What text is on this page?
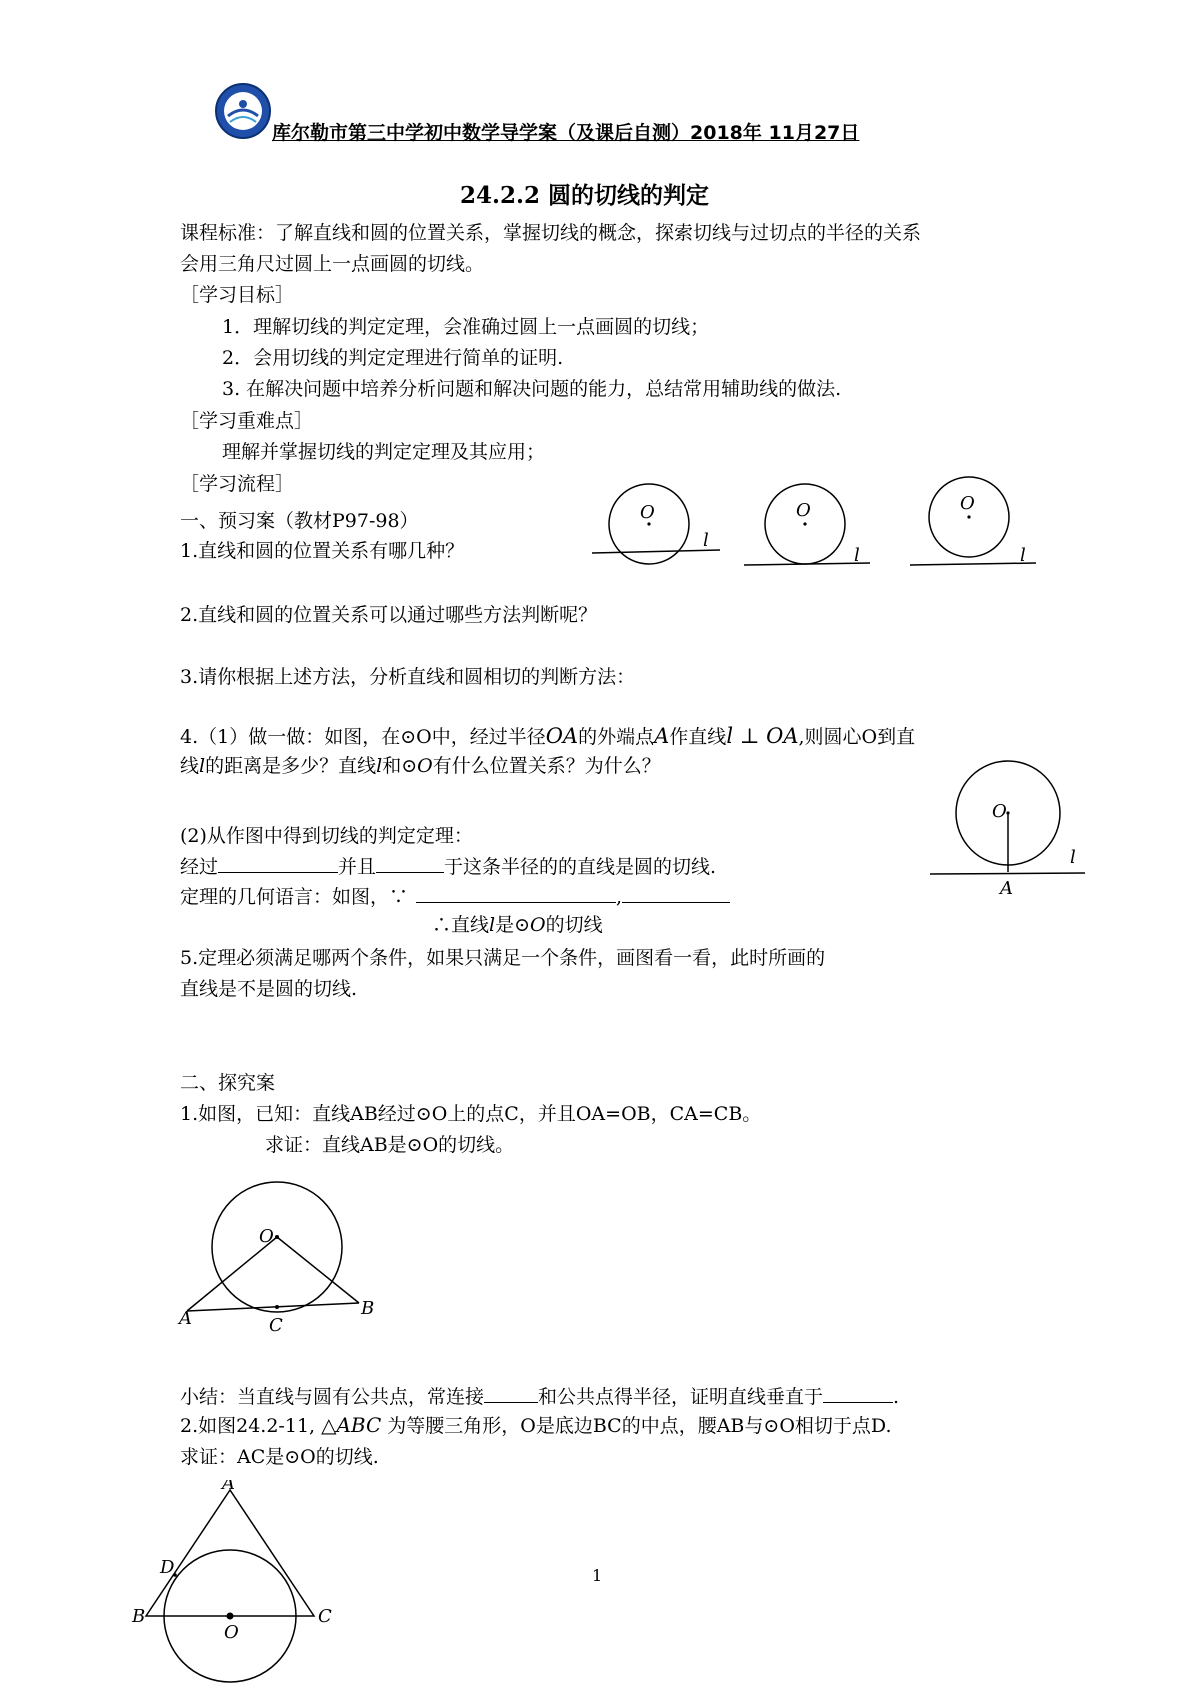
库尔勒市第三中学初中数学导学案（及课后自测）2018年 11月27日
24.2.2 圆的切线的判定
课程标准：了解直线和圆的位置关系，掌握切线的概念，探索切线与过切点的半径的关系
会用三角尺过圆上一点画圆的切线。
［学习目标］
1．理解切线的判定定理，会准确过圆上一点画圆的切线；
2．会用切线的判定定理进行简单的证明.
3. 在解决问题中培养分析问题和解决问题的能力，总结常用辅助线的做法.
［学习重难点］
理解并掌握切线的判定定理及其应用；
［学习流程］
一、预习案（教材P97-98）
1.直线和圆的位置关系有哪几种？
O
l
O
l
O
l
2.直线和圆的位置关系可以通过哪些方法判断呢？
3.请你根据上述方法，分析直线和圆相切的判断方法：
4.（1）做一做：如图，在⊙O中，经过半径OA的外端点A作直线l ⊥ OA,则圆心O到直
线l的距离是多少？直线l和⊙O有什么位置关系？为什么？
O
l
A
(2)从作图中得到切线的判定定理：
经过	并且	于这条半径的的直线是圆的切线.
定理的几何语言：如图，∵	,
∴直线l是⊙O的切线
5.定理必须满足哪两个条件，如果只满足一个条件，画图看一看，此时所画的
直线是不是圆的切线.
二、探究案
1.如图，已知：直线AB经过⊙O上的点C，并且OA=OB，CA=CB。
求证：直线AB是⊙O的切线。
O
A	B
C
小结：当直线与圆有公共点，常连接	和公共点得半径，证明直线垂直于	.
2.如图24.2-11, △ABC 为等腰三角形，O是底边BC的中点，腰AB与⊙O相切于点D.
求证：AC是⊙O的切线.
A
D
B	C
O
1
